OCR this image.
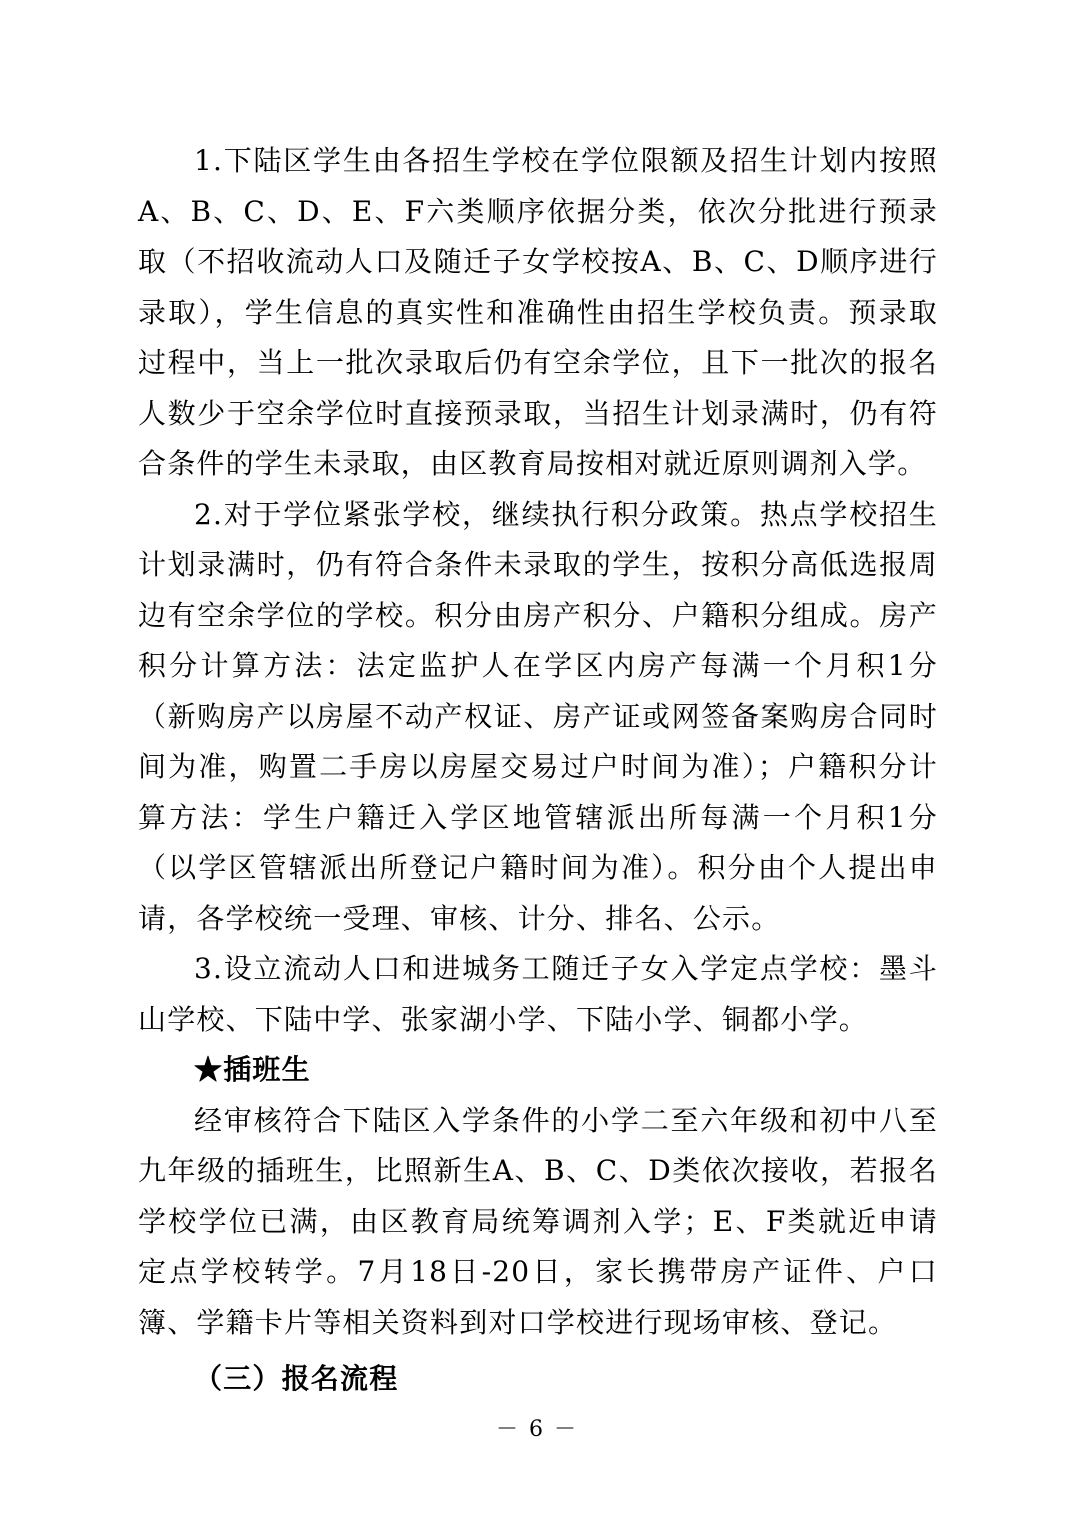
1.下陆区学生由各招生学校在学位限额及招生计划内按照A、B、C、D、E、F六类顺序依据分类，依次分批进行预录取（不招收流动人口及随迁子女学校按A、B、C、D顺序进行录取），学生信息的真实性和准确性由招生学校负责。预录取过程中，当上一批次录取后仍有空余学位，且下一批次的报名人数少于空余学位时直接预录取，当招生计划录满时，仍有符合条件的学生未录取，由区教育局按相对就近原则调剂入学。

2.对于学位紧张学校，继续执行积分政策。热点学校招生计划录满时，仍有符合条件未录取的学生，按积分高低选报周边有空余学位的学校。积分由房产积分、户籍积分组成。房产积分计算方法：法定监护人在学区内房产每满一个月积1分（新购房产以房屋不动产权证、房产证或网签备案购房合同时间为准，购置二手房以房屋交易过户时间为准）；户籍积分计算方法：学生户籍迁入学区地管辖派出所每满一个月积1分（以学区管辖派出所登记户籍时间为准）。积分由个人提出申请，各学校统一受理、审核、计分、排名、公示。

3.设立流动人口和进城务工随迁子女入学定点学校：墨斗山学校、下陆中学、张家湖小学、下陆小学、铜都小学。

★插班生

经审核符合下陆区入学条件的小学二至六年级和初中八至九年级的插班生，比照新生A、B、C、D类依次接收，若报名学校学位已满，由区教育局统筹调剂入学；E、F类就近申请定点学校转学。7月18日-20日，家长携带房产证件、户口簿、学籍卡片等相关资料到对口学校进行现场审核、登记。

（三）报名流程

－ 6 －
